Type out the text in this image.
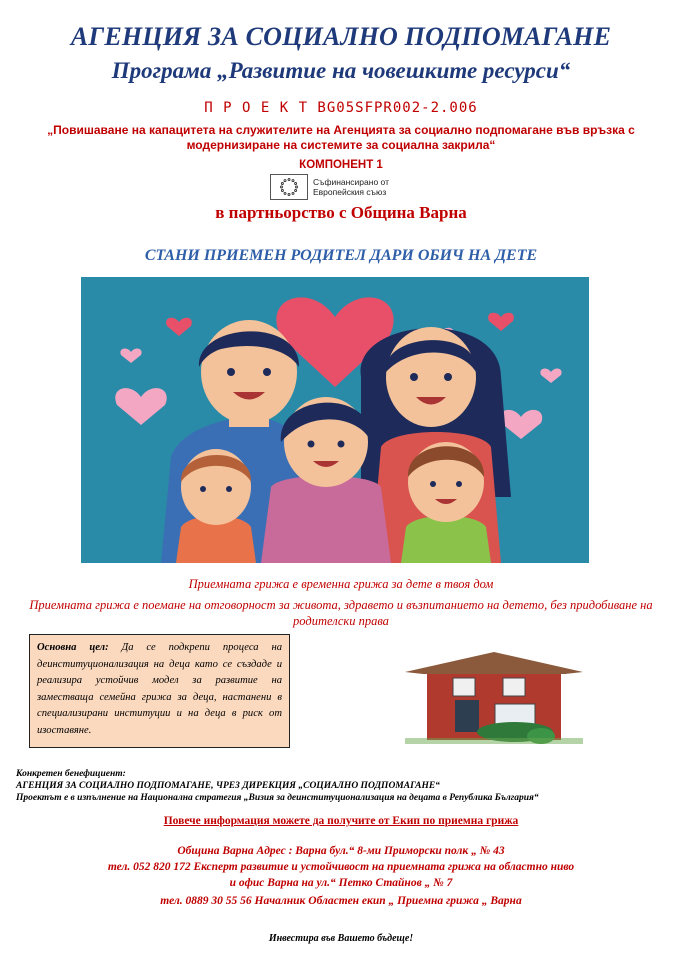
АГЕНЦИЯ ЗА СОЦИАЛНО ПОДПОМАГАНЕ
Програма „Развитие на човешките ресурси“
П Р О Е К Т BG05SFPR002-2.006
„Повишаване на капацитета на служителите на Агенцията за социално подпомагане във връзка с модернизиране на системите за социална закрила“
КОМПОНЕНТ 1
Съфинансирано от
Европейския съюз
в партньорство с Община Варна
СТАНИ ПРИЕМЕН РОДИТЕЛ ДАРИ ОБИЧ НА ДЕТЕ
Приемната грижа е временна грижа за дете в твоя дом
Приемната грижа е поемане на отговорност за живота, здравето и възпитанието на детето, без придобиване на родителски права
Основна цел: Да се подкрепи процеса на деинституционализация на деца като се създаде и реализира устойчив модел за развитие на заместваща семейна грижа за деца, настанени в специализирани институции и на деца в риск от изоставяне.
Конкретен бенефициент:
АГЕНЦИЯ ЗА СОЦИАЛНО ПОДПОМАГАНЕ, ЧРЕЗ ДИРЕКЦИЯ „СОЦИАЛНО ПОДПОМАГАНЕ“
Проектът е в изпълнение на Национална стратегия „Визия за деинституционализация на децата в Република България“
Повече информация можете да получите от Екип по приемна грижа
Община Варна Адрес : Варна бул.“ 8-ми Приморски полк „ № 43
тел. 052 820 172 Експерт развитие и устойчивост на приемната грижа на областно ниво
и офис Варна на ул.“ Петко Стайнов „ № 7
тел. 0889 30 55 56 Началник Областен екип „ Приемна грижа „ Варна
Инвестира във Вашето бъдеще!
